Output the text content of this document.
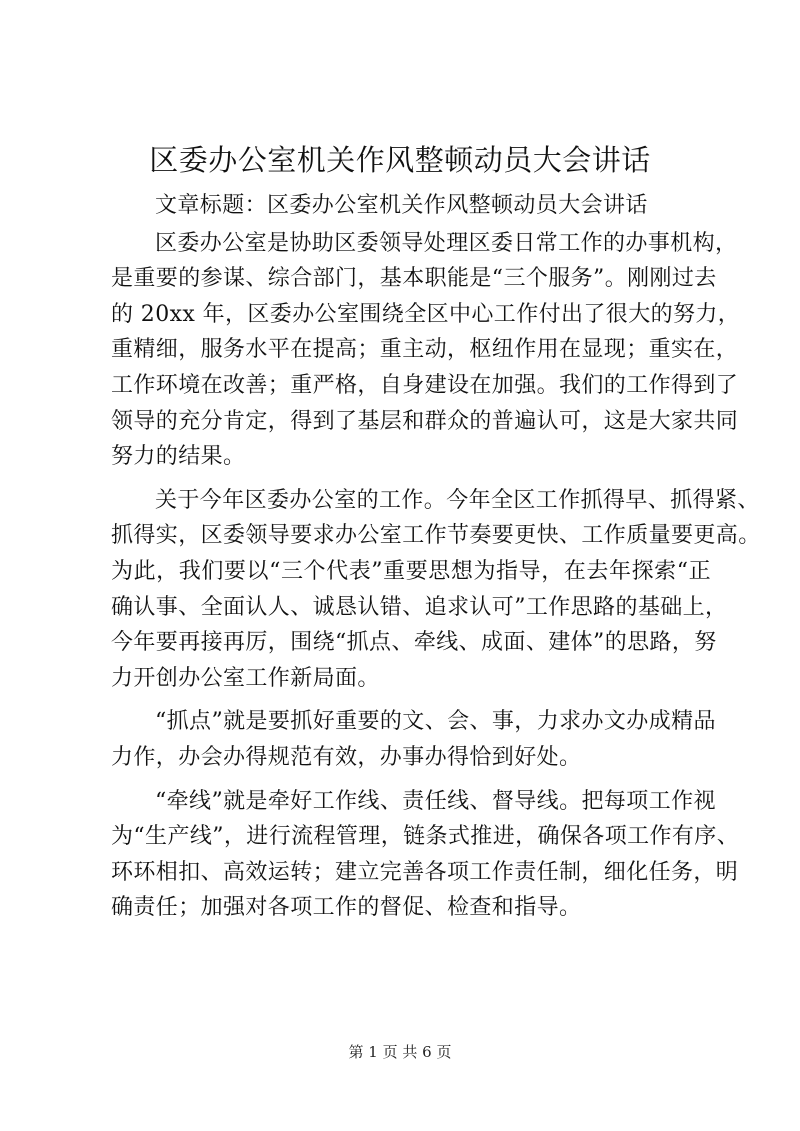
区委办公室机关作风整顿动员大会讲话
文章标题：区委办公室机关作风整顿动员大会讲话
区委办公室是协助区委领导处理区委日常工作的办事机构，
是重要的参谋、综合部门，基本职能是“三个服务”。刚刚过去
的 20xx 年，区委办公室围绕全区中心工作付出了很大的努力，
重精细，服务水平在提高；重主动，枢纽作用在显现；重实在，
工作环境在改善；重严格，自身建设在加强。我们的工作得到了
领导的充分肯定，得到了基层和群众的普遍认可，这是大家共同
努力的结果。
关于今年区委办公室的工作。今年全区工作抓得早、抓得紧、
抓得实，区委领导要求办公室工作节奏要更快、工作质量要更高。
为此，我们要以“三个代表”重要思想为指导，在去年探索“正
确认事、全面认人、诚恳认错、追求认可”工作思路的基础上，
今年要再接再厉，围绕“抓点、牵线、成面、建体”的思路，努
力开创办公室工作新局面。
“抓点”就是要抓好重要的文、会、事，力求办文办成精品
力作，办会办得规范有效，办事办得恰到好处。
“牵线”就是牵好工作线、责任线、督导线。把每项工作视
为“生产线”，进行流程管理，链条式推进，确保各项工作有序、
环环相扣、高效运转；建立完善各项工作责任制，细化任务，明
确责任；加强对各项工作的督促、检查和指导。
第 1 页 共 6 页
